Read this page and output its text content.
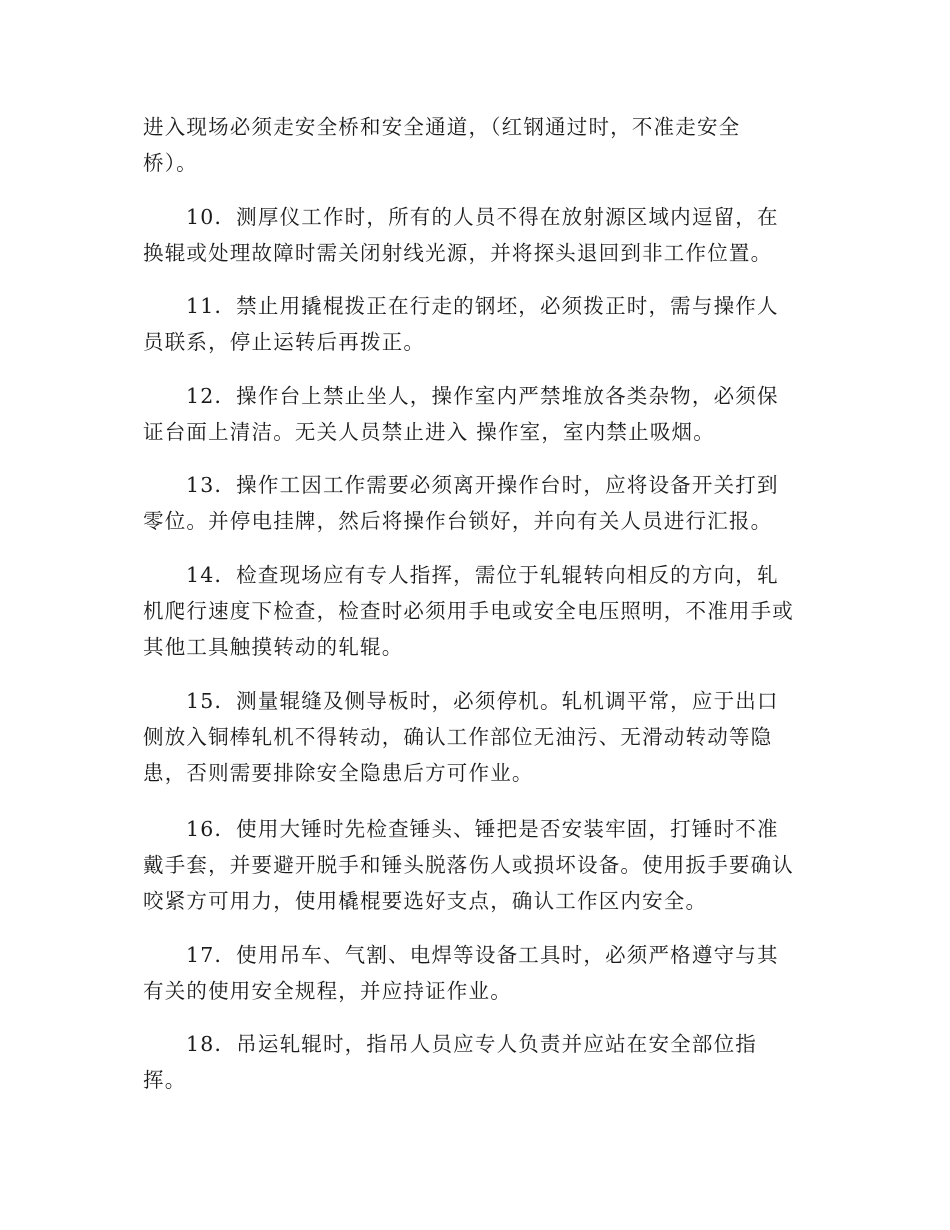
进入现场必须走安全桥和安全通道，（红钢通过时，不准走安全桥）。

10．测厚仪工作时，所有的人员不得在放射源区域内逗留，在换辊或处理故障时需关闭射线光源，并将探头退回到非工作位置。

11．禁止用撬棍拨正在行走的钢坯，必须拨正时，需与操作人员联系，停止运转后再拨正。

12．操作台上禁止坐人，操作室内严禁堆放各类杂物，必须保证台面上清洁。无关人员禁止进入 操作室，室内禁止吸烟。

13．操作工因工作需要必须离开操作台时，应将设备开关打到零位。并停电挂牌，然后将操作台锁好，并向有关人员进行汇报。

14．检查现场应有专人指挥，需位于轧辊转向相反的方向，轧机爬行速度下检查，检查时必须用手电或安全电压照明，不准用手或其他工具触摸转动的轧辊。

15．测量辊缝及侧导板时，必须停机。轧机调平常，应于出口侧放入铜棒轧机不得转动，确认工作部位无油污、无滑动转动等隐患，否则需要排除安全隐患后方可作业。

16．使用大锤时先检查锤头、锤把是否安装牢固，打锤时不准戴手套，并要避开脱手和锤头脱落伤人或损坏设备。使用扳手要确认咬紧方可用力，使用橇棍要选好支点，确认工作区内安全。

17．使用吊车、气割、电焊等设备工具时，必须严格遵守与其有关的使用安全规程，并应持证作业。

18．吊运轧辊时，指吊人员应专人负责并应站在安全部位指挥。
